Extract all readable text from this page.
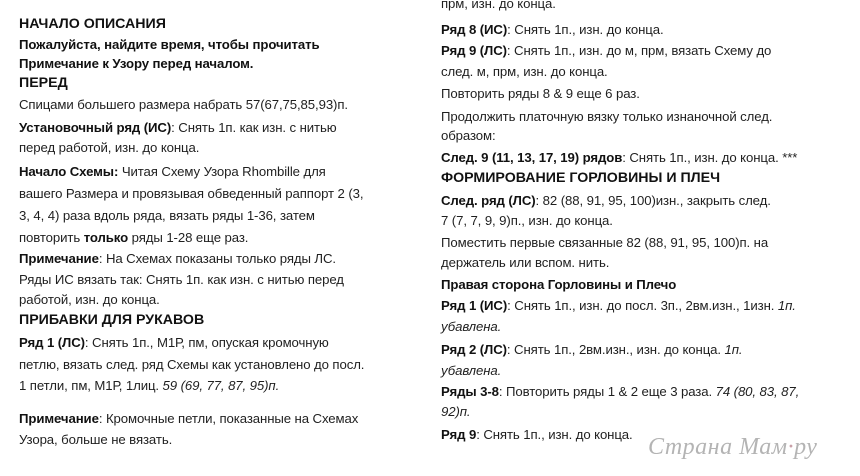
НАЧАЛО ОПИСАНИЯ
Пожалуйста, найдите время, чтобы прочитать
Примечание к Узору перед началом.
ПЕРЕД
Спицами большего размера набрать 57(67,75,85,93)п.
Установочный ряд (ИС): Снять 1п. как изн. с нитью
перед работой, изн. до конца.
Начало Схемы: Читая Схему Узора Rhombille для
вашего Размера и провязывая обведенный раппорт 2 (3,
3, 4, 4) раза вдоль ряда, вязать ряды 1-36, затем
повторить только ряды 1-28 еще раз.
Примечание: На Схемах показаны только ряды ЛС.
Ряды ИС вязать так: Снять 1п. как изн. с нитью перед
работой, изн. до конца.
ПРИБАВКИ ДЛЯ РУКАВОВ
Ряд 1 (ЛС): Снять 1п., М1Р, пм, опуская кромочную
петлю, вязать след. ряд Схемы как установлено до посл.
1 петли, пм, М1Р, 1лиц. 59 (69, 77, 87, 95)п.
Примечание: Кромочные петли, показанные на Схемах
Узора, больше не вязать.
прм, изн. до конца.
Ряд 8 (ИС): Снять 1п., изн. до конца.
Ряд 9 (ЛС): Снять 1п., изн. до м, прм, вязать Схему до
след. м, прм, изн. до конца.
Повторить ряды 8 & 9 еще 6 раз.
Продолжить платочную вязку только изнаночной след.
образом:
След. 9 (11, 13, 17, 19) рядов: Снять 1п., изн. до конца. ***
ФОРМИРОВАНИЕ ГОРЛОВИНЫ И ПЛЕЧ
След. ряд (ЛС): 82 (88, 91, 95, 100)изн., закрыть след.
7 (7, 7, 9, 9)п., изн. до конца.
Поместить первые связанные 82 (88, 91, 95, 100)п. на
держатель или вспом. нить.
Правая сторона Горловины и Плечо
Ряд 1 (ИС): Снять 1п., изн. до посл. 3п., 2вм.изн., 1изн. 1п.
убавлена.
Ряд 2 (ЛС): Снять 1п., 2вм.изн., изн. до конца. 1п.
убавлена.
Ряды 3-8: Повторить ряды 1 & 2 еще 3 раза. 74 (80, 83, 87,
92)п.
Ряд 9: Снять 1п., изн. до конца. Страна Мам·ру
